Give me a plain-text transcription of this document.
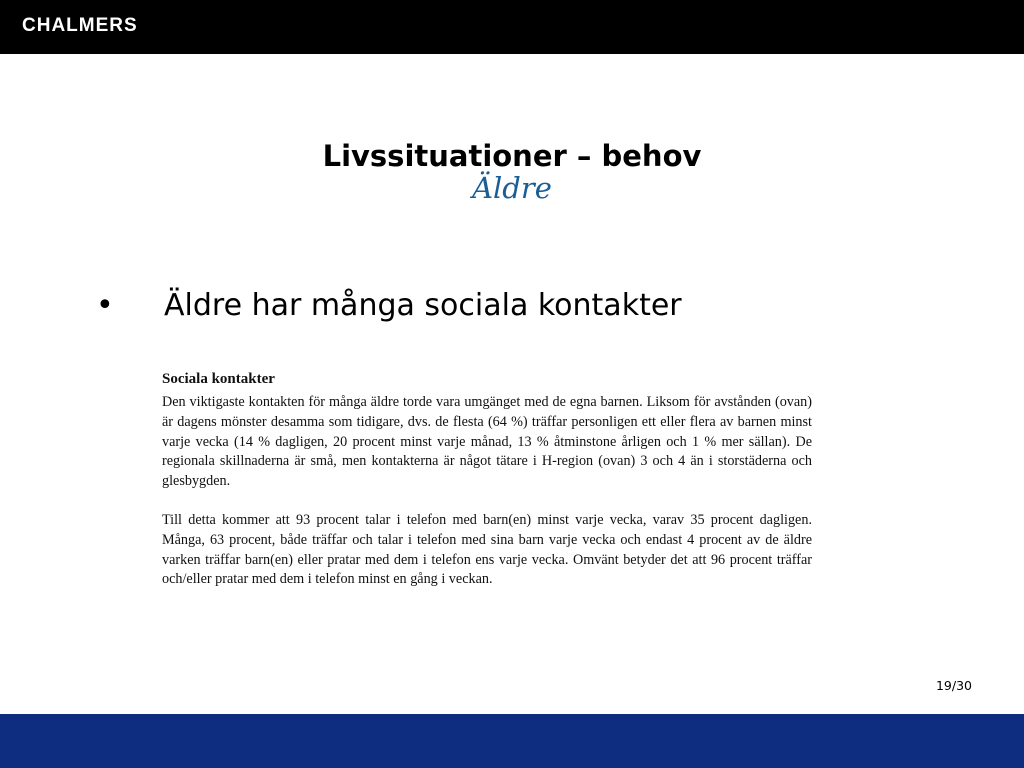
CHALMERS
Livssituationer – behov
Äldre
• Äldre har många sociala kontakter
Sociala kontakter

Den viktigaste kontakten för många äldre torde vara umgänget med de egna barnen. Liksom för avstånden (ovan) är dagens mönster desamma som tidigare, dvs. de flesta (64 %) träffar personligen ett eller flera av barnen minst varje vecka (14 % dagligen, 20 procent minst varje månad, 13 % åtminstone årligen och 1 % mer sällan). De regionala skillnaderna är små, men kontakterna är något tätare i H-region (ovan) 3 och 4 än i storstäderna och glesbygden.

Till detta kommer att 93 procent talar i telefon med barn(en) minst varje vecka, varav 35 procent dagligen. Många, 63 procent, både träffar och talar i telefon med sina barn varje vecka och endast 4 procent av de äldre varken träffar barn(en) eller pratar med dem i telefon ens varje vecka. Omvänt betyder det att 96 procent träffar och/eller pratar med dem i telefon minst en gång i veckan.

19/30
